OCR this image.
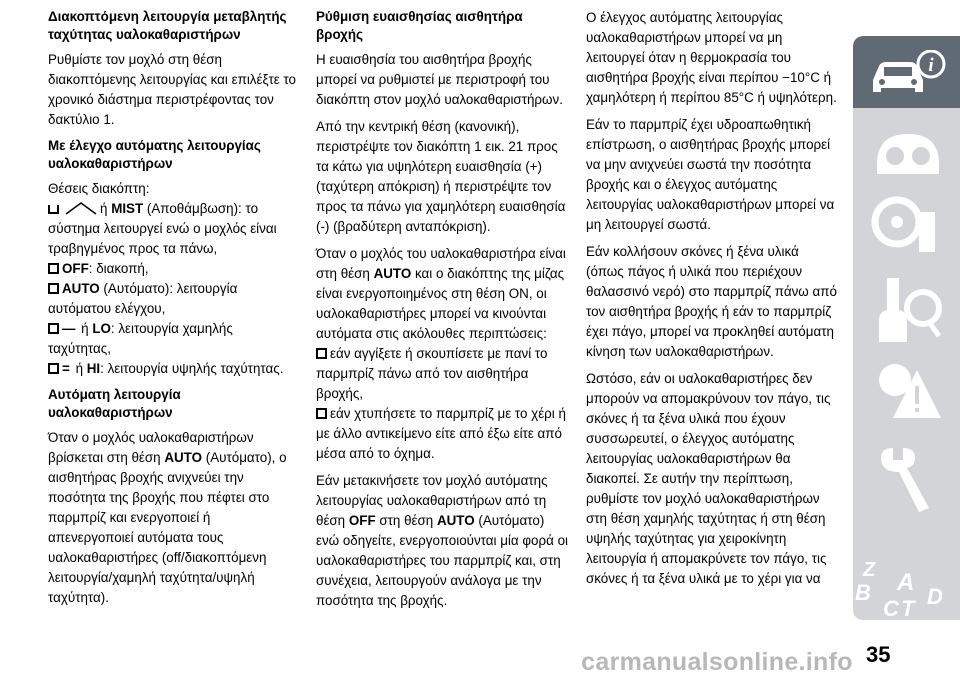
Διακοπτόμενη λειτουργία μεταβλητής ταχύτητας υαλοκαθαριστήρων

Ρυθμίστε τον μοχλό στη θέση διακοπτόμενης λειτουργίας και επιλέξτε το χρονικό διάστημα περιστρέφοντας τον δακτύλιο 1.

Με έλεγχο αυτόματης λειτουργίας υαλοκαθαριστήρων

Θέσεις διακόπτη:
ή MIST (Αποθάμβωση): το σύστημα λειτουργεί ενώ ο μοχλός είναι τραβηγμένος προς τα πάνω,
OFF: διακοπή,
AUTO (Αυτόματο): λειτουργία αυτόματου ελέγχου,
— ή LO: λειτουργία χαμηλής ταχύτητας,
= ή HI: λειτουργία υψηλής ταχύτητας.

Αυτόματη λειτουργία υαλοκαθαριστήρων

Όταν ο μοχλός υαλοκαθαριστήρων βρίσκεται στη θέση AUTO (Αυτόματο), ο αισθητήρας βροχής ανιχνεύει την ποσότητα της βροχής που πέφτει στο παρμπρίζ και ενεργοποιεί ή απενεργοποιεί αυτόματα τους υαλοκαθαριστήρες (off/διακοπτόμενη λειτουργία/χαμηλή ταχύτητα/υψηλή ταχύτητα).

Ρύθμιση ευαισθησίας αισθητήρα βροχής

Η ευαισθησία του αισθητήρα βροχής μπορεί να ρυθμιστεί με περιστροφή του διακόπτη στον μοχλό υαλοκαθαριστήρων.

Από την κεντρική θέση (κανονική), περιστρέψτε τον διακόπτη 1 εικ. 21 προς τα κάτω για υψηλότερη ευαισθησία (+) (ταχύτερη απόκριση) ή περιστρέψτε τον προς τα πάνω για χαμηλότερη ευαισθησία (-) (βραδύτερη ανταπόκριση).

Όταν ο μοχλός του υαλοκαθαριστήρα είναι στη θέση AUTO και ο διακόπτης της μίζας είναι ενεργοποιημένος στη θέση ON, οι υαλοκαθαριστήρες μπορεί να κινούνται αυτόματα στις ακόλουθες περιπτώσεις:
εάν αγγίξετε ή σκουπίσετε με πανί το παρμπρίζ πάνω από τον αισθητήρα βροχής,
εάν χτυπήσετε το παρμπρίζ με το χέρι ή με άλλο αντικείμενο είτε από έξω είτε από μέσα από το όχημα.

Εάν μετακινήσετε τον μοχλό αυτόματης λειτουργίας υαλοκαθαριστήρων από τη θέση OFF στη θέση AUTO (Αυτόματο) ενώ οδηγείτε, ενεργοποιούνται μία φορά οι υαλοκαθαριστήρες του παρμπρίζ και, στη συνέχεια, λειτουργούν ανάλογα με την ποσότητα της βροχής.

Ο έλεγχος αυτόματης λειτουργίας υαλοκαθαριστήρων μπορεί να μη λειτουργεί όταν η θερμοκρασία του αισθητήρα βροχής είναι περίπου −10°C ή χαμηλότερη ή περίπου 85°C ή υψηλότερη.

Εάν το παρμπρίζ έχει υδροαπωθητική επίστρωση, ο αισθητήρας βροχής μπορεί να μην ανιχνεύει σωστά την ποσότητα βροχής και ο έλεγχος αυτόματης λειτουργίας υαλοκαθαριστήρων μπορεί να μη λειτουργεί σωστά.

Εάν κολλήσουν σκόνες ή ξένα υλικά (όπως πάγος ή υλικά που περιέχουν θαλασσινό νερό) στο παρμπρίζ πάνω από τον αισθητήρα βροχής ή εάν το παρμπρίζ έχει πάγο, μπορεί να προκληθεί αυτόματη κίνηση των υαλοκαθαριστήρων.

Ωστόσο, εάν οι υαλοκαθαριστήρες δεν μπορούν να απομακρύνουν τον πάγο, τις σκόνες ή τα ξένα υλικά που έχουν συσσωρευτεί, ο έλεγχος αυτόματης λειτουργίας υαλοκαθαριστήρων θα διακοπεί. Σε αυτήν την περίπτωση, ρυθμίστε τον μοχλό υαλοκαθαριστήρων στη θέση χαμηλής ταχύτητας ή στη θέση υψηλής ταχύτητας για χειροκίνητη λειτουργία ή απομακρύνετε τον πάγο, τις σκόνες ή τα ξένα υλικά με το χέρι για να

i
Z
B
C
A
T D
carmanualsonline.info 35
